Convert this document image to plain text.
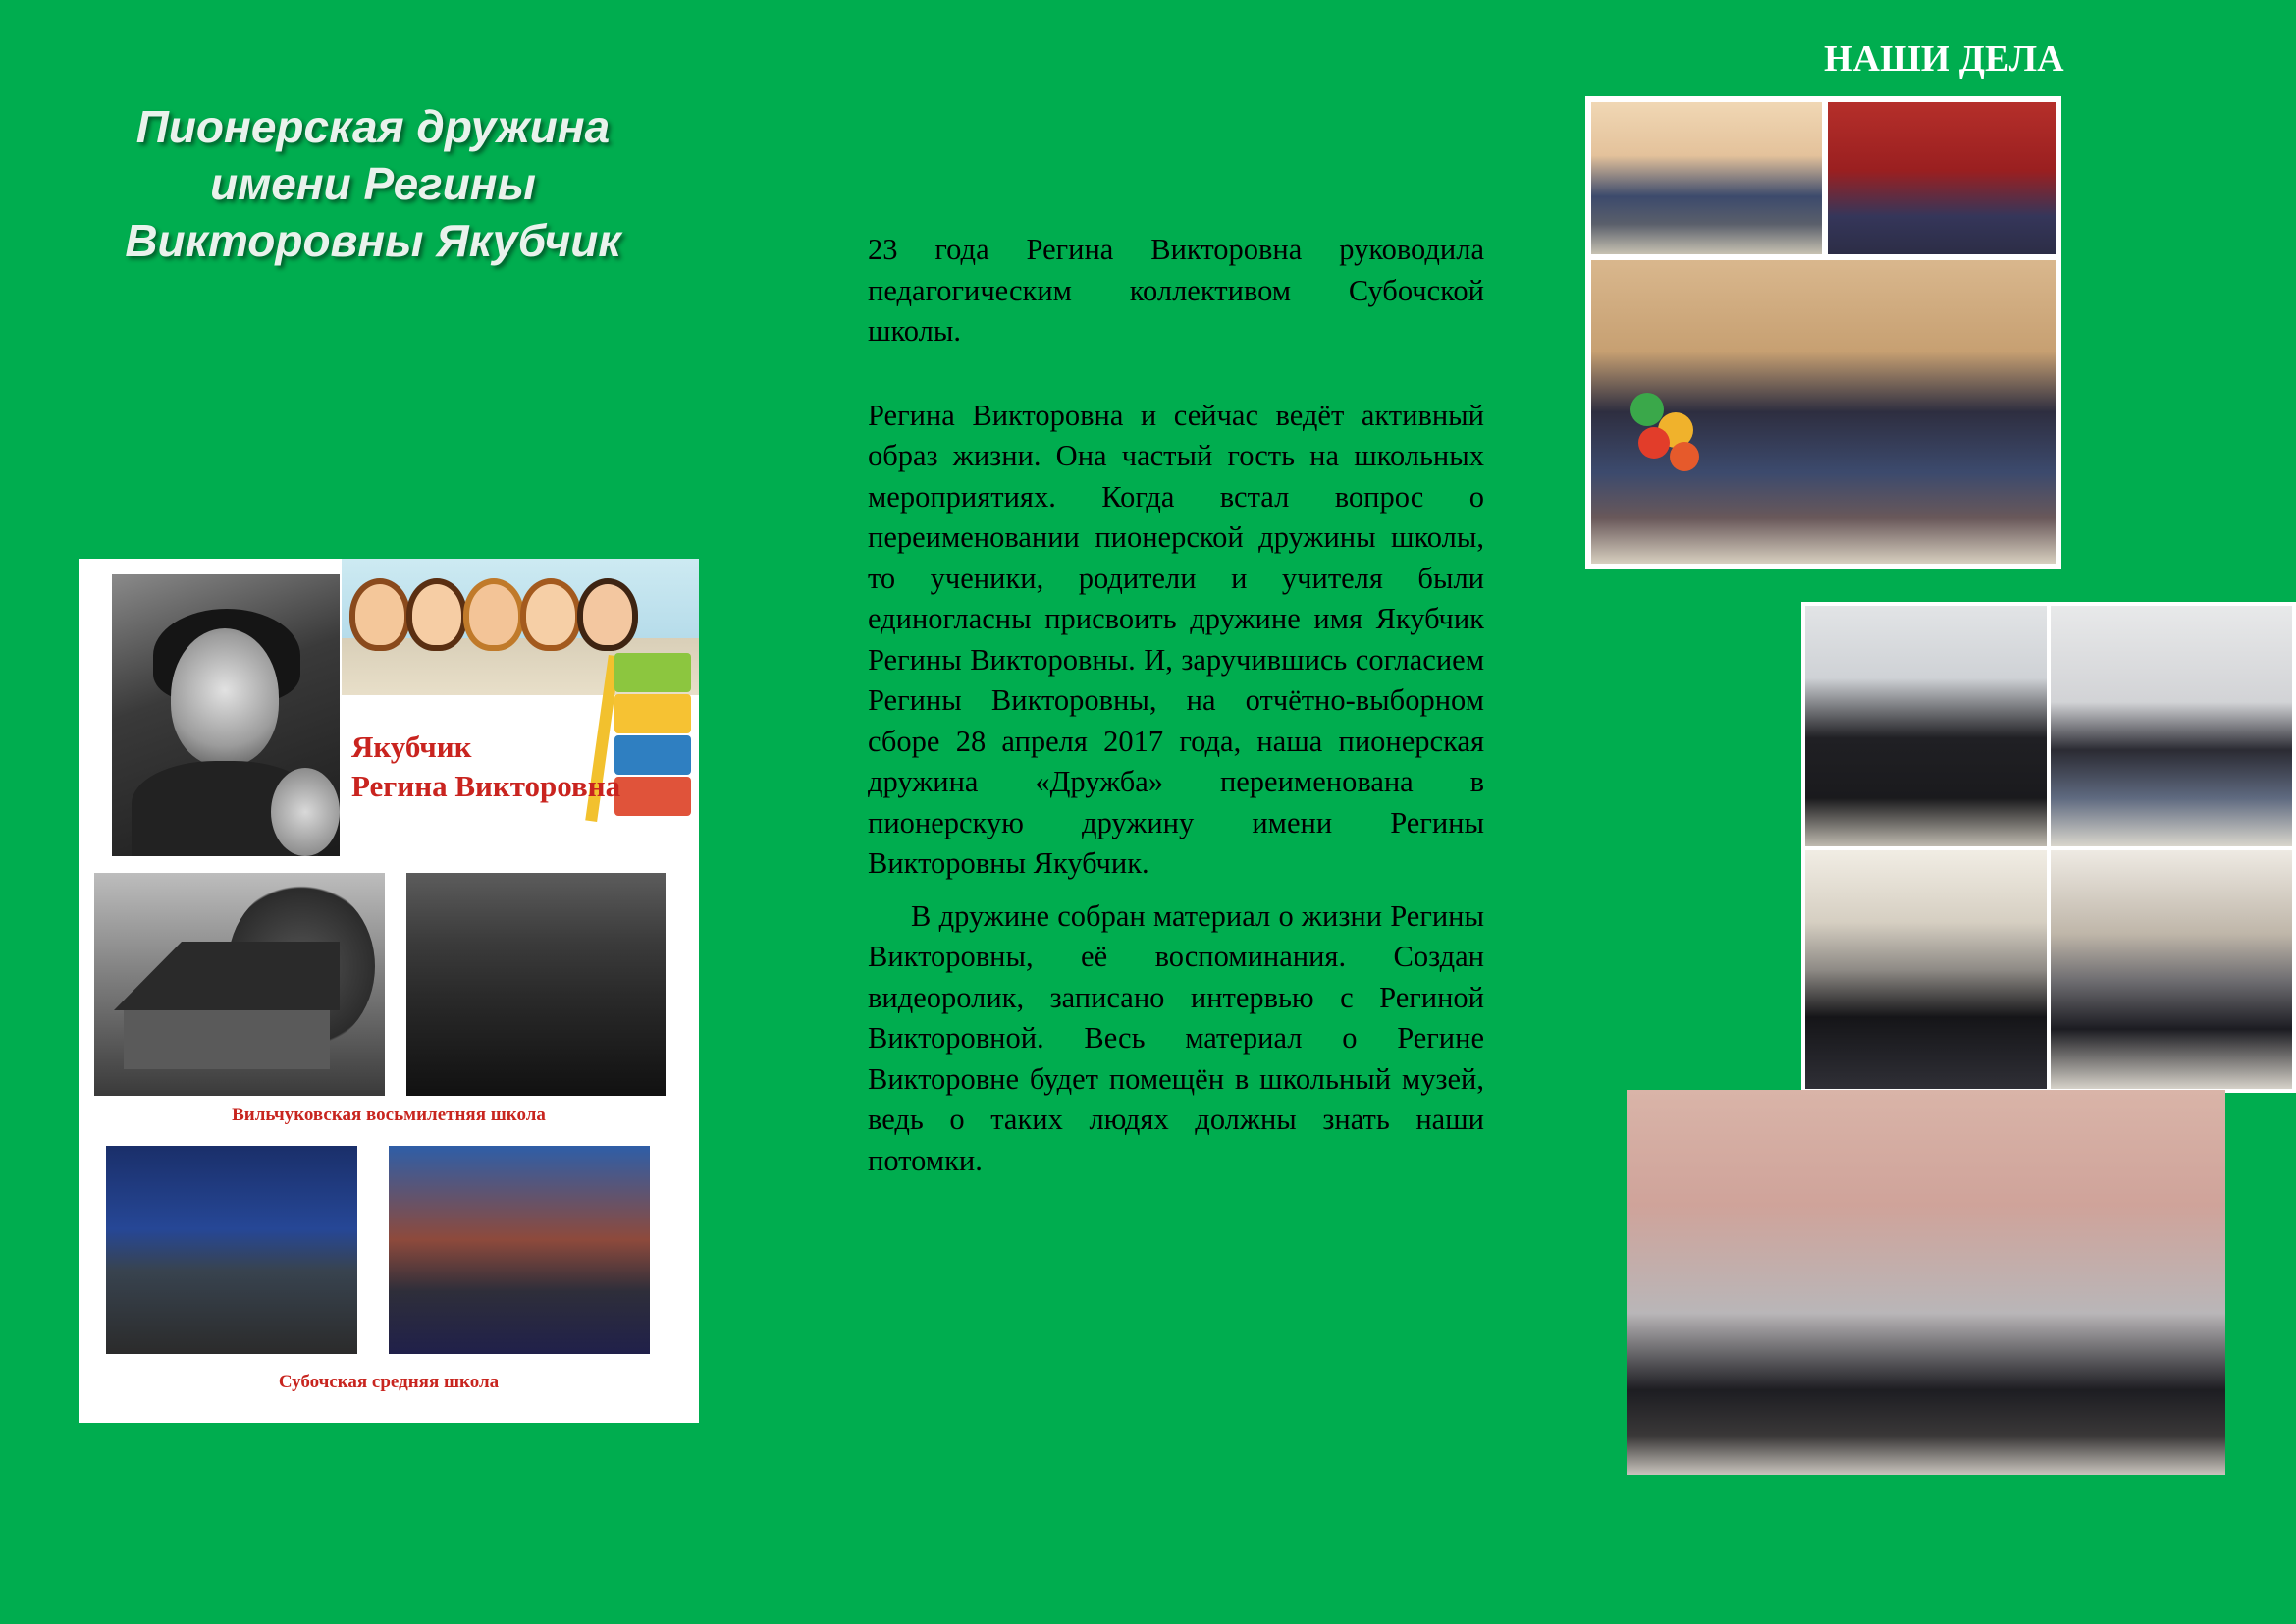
Пионерская дружина
имени Регины
Викторовны Якубчик
Якубчик
Регина Викторовна
Вильчуковская восьмилетняя школа
Субочская средняя школа

23 года Регина Викторовна руководила педагогическим коллективом Субочской школы.

Регина Викторовна и сейчас ведёт активный образ жизни. Она частый гость на школьных мероприятиях. Когда встал вопрос о переименовании пионерской дружины школы, то ученики, родители и учителя были единогласны присвоить дружине имя Якубчик Регины Викторовны. И, заручившись согласием Регины Викторовны, на отчётно-выборном сборе 28 апреля 2017 года, наша пионерская дружина «Дружба» переименована в пионерскую дружину имени Регины Викторовны Якубчик.

В дружине собран материал о жизни Регины Викторовны, её воспоминания. Создан видеоролик, записано интервью с Региной Викторовной. Весь материал о Регине Викторовне будет помещён в школьный музей, ведь о таких людях должны знать наши потомки.

НАШИ ДЕЛА
